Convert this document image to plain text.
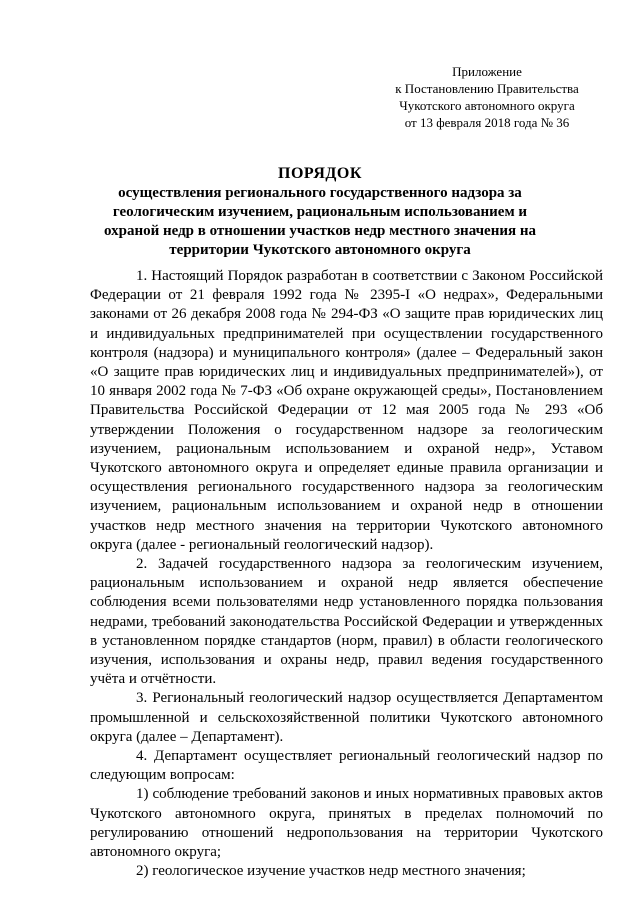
Приложение
к Постановлению Правительства
Чукотского автономного округа
от 13 февраля 2018 года № 36
ПОРЯДОК
осуществления регионального государственного надзора за геологическим изучением, рациональным использованием и охраной недр в отношении участков недр местного значения на территории Чукотского автономного округа

1. Настоящий Порядок разработан в соответствии с Законом Российской Федерации от 21 февраля 1992 года № 2395-I «О недрах», Федеральными законами от 26 декабря 2008 года № 294-ФЗ «О защите прав юридических лиц и индивидуальных предпринимателей при осуществлении государственного контроля (надзора) и муниципального контроля» (далее – Федеральный закон «О защите прав юридических лиц и индивидуальных предпринимателей»), от 10 января 2002 года № 7-ФЗ «Об охране окружающей среды», Постановлением Правительства Российской Федерации от 12 мая 2005 года № 293 «Об утверждении Положения о государственном надзоре за геологическим изучением, рациональным использованием и охраной недр», Уставом Чукотского автономного округа и определяет единые правила организации и осуществления регионального государственного надзора за геологическим изучением, рациональным использованием и охраной недр в отношении участков недр местного значения на территории Чукотского автономного округа (далее - региональный геологический надзор).

2. Задачей государственного надзора за геологическим изучением, рациональным использованием и охраной недр является обеспечение соблюдения всеми пользователями недр установленного порядка пользования недрами, требований законодательства Российской Федерации и утвержденных в установленном порядке стандартов (норм, правил) в области геологического изучения, использования и охраны недр, правил ведения государственного учёта и отчётности.

3. Региональный геологический надзор осуществляется Департаментом промышленной и сельскохозяйственной политики Чукотского автономного округа (далее – Департамент).

4. Департамент осуществляет региональный геологический надзор по следующим вопросам:

1) соблюдение требований законов и иных нормативных правовых актов Чукотского автономного округа, принятых в пределах полномочий по регулированию отношений недропользования на территории Чукотского автономного округа;

2) геологическое изучение участков недр местного значения;
